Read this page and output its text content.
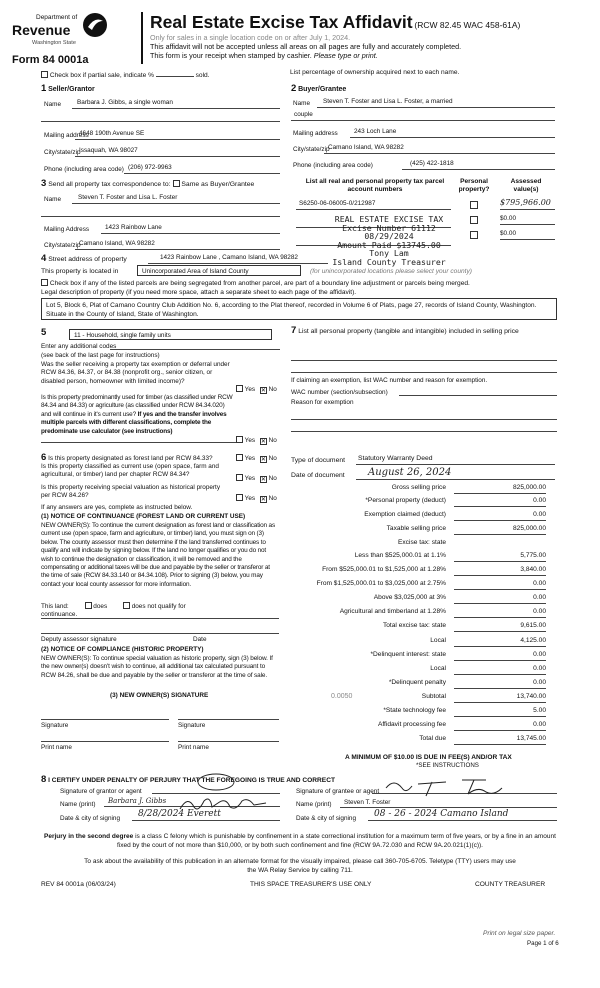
Department of
Revenue
Washington State
Form 84 0001a
Real Estate Excise Tax Affidavit (RCW 82.45 WAC 458-61A)
Only for sales in a single location code on or after July 1, 2024.
This affidavit will not be accepted unless all areas on all pages are fully and accurately completed.
This form is your receipt when stamped by cashier. Please type or print.
Check box if partial sale, indicate %	sold.	List percentage of ownership acquired next to each name.
1 Seller/Grantor
Name	Barbara J. Gibbs, a single woman
Mailing address
4648 190th Avenue SE
City/state/zip
Issaquah, WA 98027
Phone (including area code) (206) 972-9963
2 Buyer/Grantee
Name	Steven T. Foster and Lisa L. Foster, a married
couple
Mailing address	243 Loch Lane
City/state/zip
Camano Island, WA 98282
Phone (including area code)	(425) 422-1818
3 Send all property tax correspondence to: Same as Buyer/Grantee
Name	Steven T. Foster and Lisa L. Foster
Mailing Address	1423 Rainbow Lane
City/state/zip
Camano Island, WA 98282
List all real and personal property tax parcel account numbers
Personal property?
Assessed value(s)
S6250-06-06005-0/212987	$795,966.00
$0.00
$0.00
REAL ESTATE EXCISE TAX
Excise Number 61112
08/29/2024
Amount Paid $13745.00
Tony Lam
Island County Treasurer
4 Street address of property	1423 Rainbow Lane , Camano Island, WA 98282
This property is located in	Unincorporated Area of Island County	(for unincorporated locations please select your county)
Check box if any of the listed parcels are being segregated from another parcel, are part of a boundary line adjustment or parcels being merged.
Legal description of property (if you need more space, attach a separate sheet to each page of the affidavit).
Lot 5, Block 6, Plat of Camano Country Club Addition No. 6, according to the Plat thereof, recorded in Volume 6 of Plats, page 27, records of Island County, Washington. Situate in the County of Island, State of Washington.
5	11 - Household, single family units
Enter any additional codes
(see back of the last page for instructions)
Was the seller receiving a property tax exemption or deferral under RCW 84.36, 84.37, or 84.38 (nonprofit org., senior citizen, or disabled person, homeowner with limited income)?
Yes ✕ No
Is this property predominantly used for timber (as classified under RCW 84.34 and 84.33) or agriculture (as classified under RCW 84.34.020) and will continue in it's current use? If yes and the transfer involves multiple parcels with different classifications, complete the predominate use calculator (see instructions)
Yes ✕ No
7 List all personal property (tangible and intangible) included in selling price
If claiming an exemption, list WAC number and reason for exemption.
WAC number (section/subsection)
Reason for exemption
6 Is this property designated as forest land per RCW 84.33?	Yes ✕ No
Is this property classified as current use (open space, farm and agricultural, or timber) land per chapter RCW 84.34?
Yes ✕ No
Is this property receiving special valuation as historical property per RCW 84.26?	Yes ✕ No
If any answers are yes, complete as instructed below.
(1) NOTICE OF CONTINUANCE (FOREST LAND OR CURRENT USE)
NEW OWNER(S): To continue the current designation as forest land or classification as current use (open space, farm and agriculture, or timber) land, you must sign on (3) below. The county assessor must then determine if the land transferred continues to qualify and will indicate by signing below. If the land no longer qualifies or you do not wish to continue the designation or classification, it will be removed and the compensating or additional taxes will be due and payable by the seller or transferor at the time of sale (RCW 84.33.140 or 84.34.108). Prior to signing (3) below, you may contact your local county assessor for more information.
This land:	does	does not qualify for
continuance.
Deputy assessor signature	Date
(2) NOTICE OF COMPLIANCE (HISTORIC PROPERTY)
NEW OWNER(S): To continue special valuation as historic property, sign (3) below. If the new owner(s) doesn't wish to continue, all additional tax calculated pursuant to RCW 84.26, shall be due and payable by the seller or transferor at the time of sale.
(3) NEW OWNER(S) SIGNATURE
Signature	Signature
Print name	Print name
Type of document Statutory Warranty Deed
Date of document	August 26, 2024
Gross selling price	825,000.00
*Personal property (deduct)	0.00
Exemption claimed (deduct)	0.00
Taxable selling price	825,000.00
Excise tax: state
Less than $525,000.01 at 1.1%	5,775.00
From $525,000.01 to $1,525,000 at 1.28%	3,840.00
From $1,525,000.01 to $3,025,000 at 2.75%	0.00
Above $3,025,000 at 3%	0.00
Agricultural and timberland at 1.28%	0.00
Total excise tax: state	9,615.00
Local	4,125.00
*Delinquent interest: state	0.00
Local	0.00
*Delinquent penalty	0.00
Subtotal	13,740.00
*State technology fee	5.00
Affidavit processing fee	0.00
Total due	13,745.00
0.0050
A MINIMUM OF $10.00 IS DUE IN FEE(S) AND/OR TAX
*SEE INSTRUCTIONS
8 I CERTIFY UNDER PENALTY OF PERJURY THAT THE FOREGOING IS TRUE AND CORRECT
Signature of grantor or agent
Name (print)	Barbara J. Gibbs
Date & city of signing	8/28/2024 Everett
Signature of grantee or agent
Name (print)	Steven T. Foster
Date & city of signing	08 - 26 - 2024 Camano Island
Perjury in the second degree is a class C felony which is punishable by confinement in a state correctional institution for a maximum term of five years, or by a fine in an amount fixed by the court of not more than $10,000, or by both such confinement and fine (RCW 9A.72.030 and RCW 9A.20.021(1)(c)).
To ask about the availability of this publication in an alternate format for the visually impaired, please call 360-705-6705. Teletype (TTY) users may use the WA Relay Service by calling 711.
REV 84 0001a (06/03/24)	THIS SPACE TREASURER'S USE ONLY	COUNTY TREASURER
Print on legal size paper.
Page 1 of 6
